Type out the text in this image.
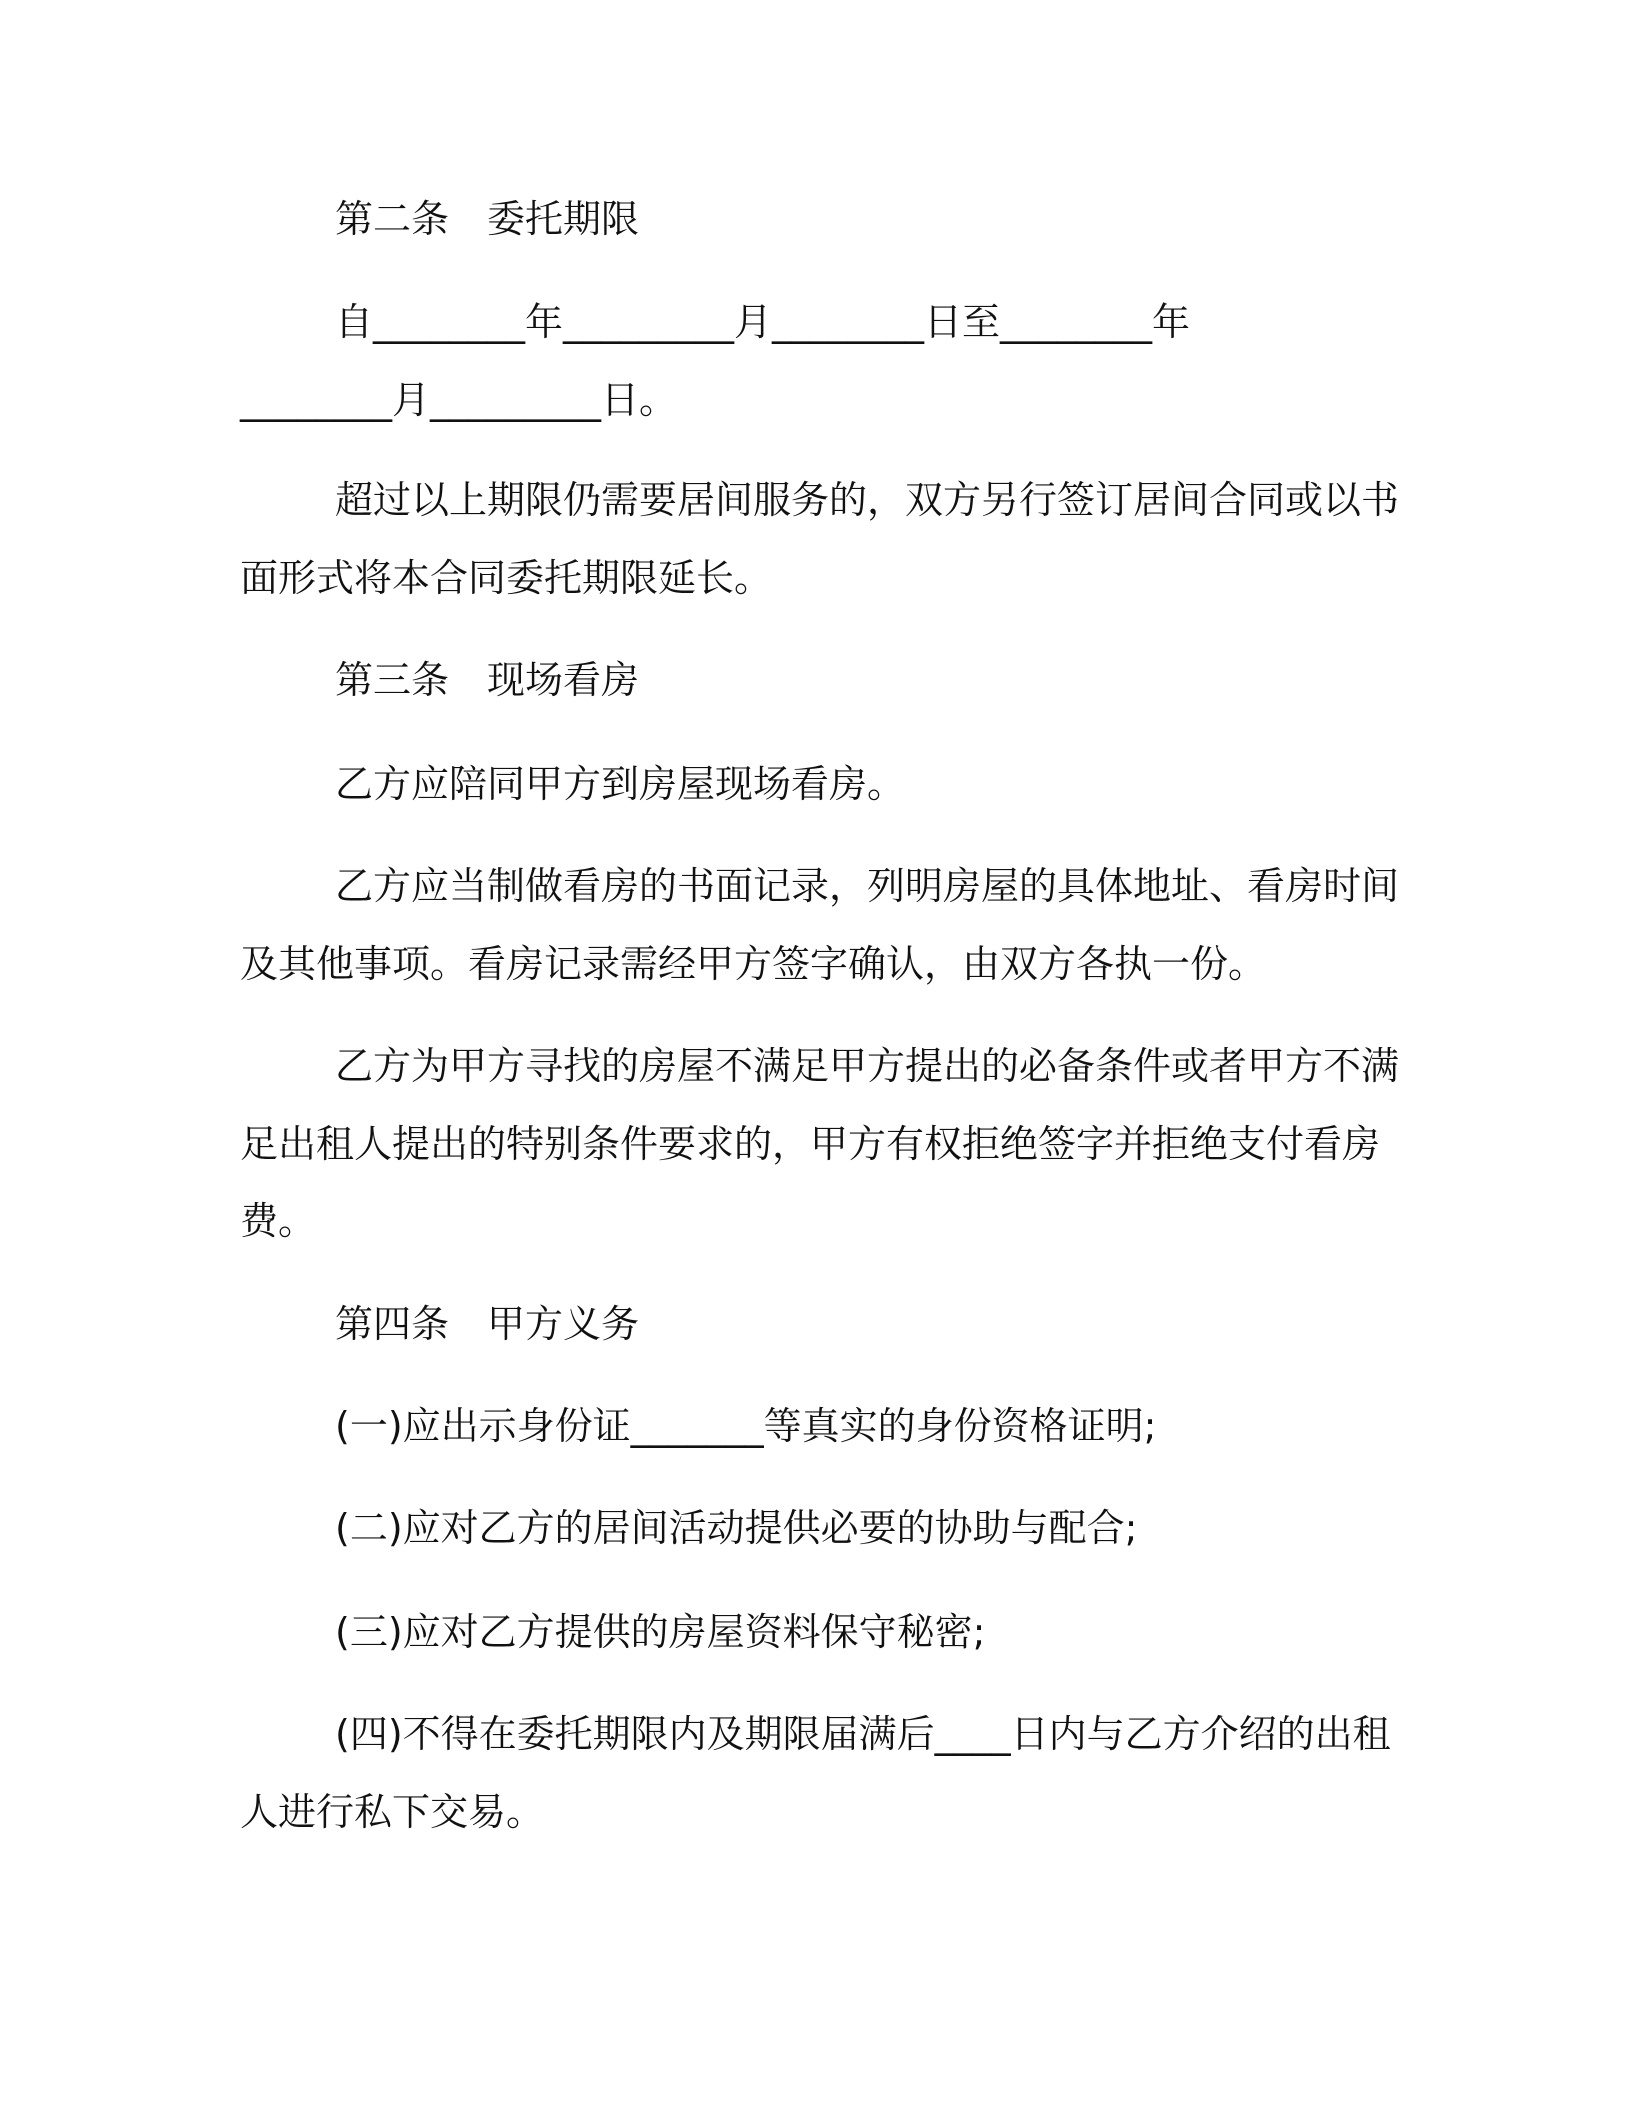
第二条　委托期限
自________年_________月________日至________年
________月_________日。
超过以上期限仍需要居间服务的，双方另行签订居间合同或以书
面形式将本合同委托期限延长。
第三条　现场看房
乙方应陪同甲方到房屋现场看房。
乙方应当制做看房的书面记录，列明房屋的具体地址、看房时间
及其他事项。看房记录需经甲方签字确认，由双方各执一份。
乙方为甲方寻找的房屋不满足甲方提出的必备条件或者甲方不满
足出租人提出的特别条件要求的，甲方有权拒绝签字并拒绝支付看房
费。
第四条　甲方义务
(一)应出示身份证_______等真实的身份资格证明;
(二)应对乙方的居间活动提供必要的协助与配合;
(三)应对乙方提供的房屋资料保守秘密;
(四)不得在委托期限内及期限届满后____日内与乙方介绍的出租
人进行私下交易。
